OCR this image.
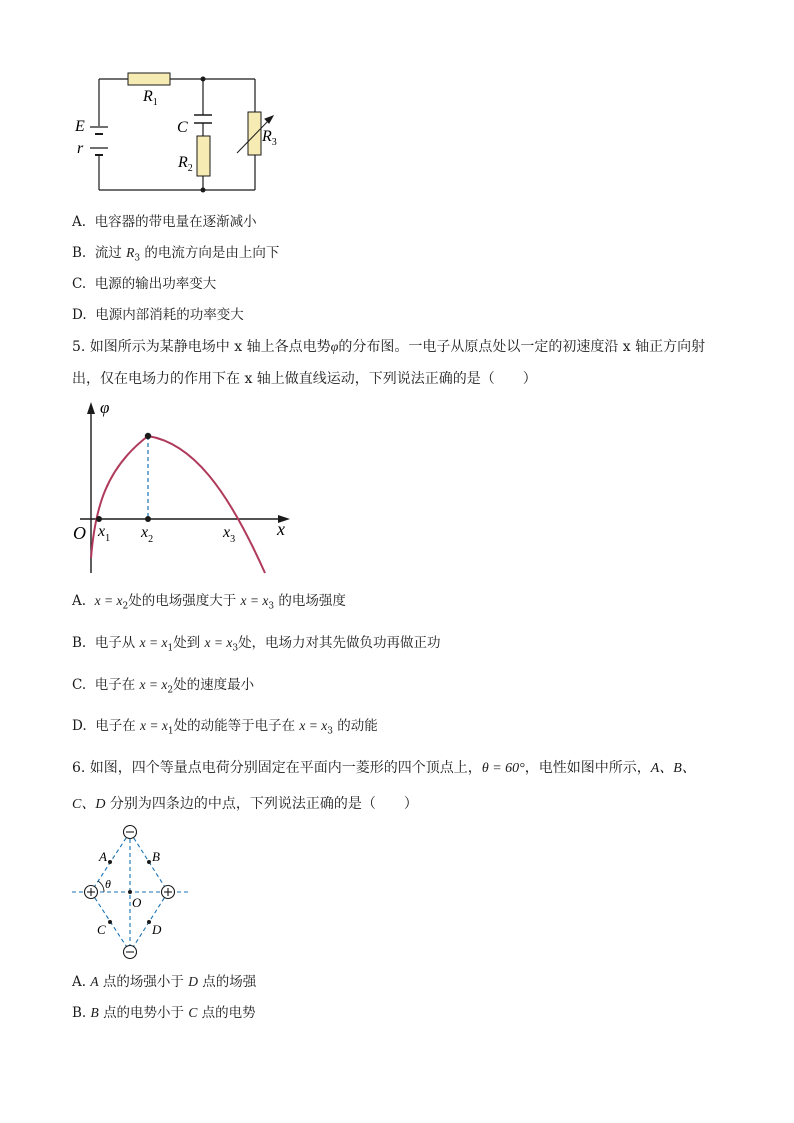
E
r
$R_1$
C
$R_2$
$R_3$
A. 电容器的带电量在逐渐减小
B. 流过 $R_3$ 的电流方向是由上向下
C. 电源的输出功率变大
D. 电源内部消耗的功率变大
5. 如图所示为某静电场中 x 轴上各点电势φ的分布图。一电子从原点处以一定的初速度沿 x 轴正方向射
出，仅在电场力的作用下在 x 轴上做直线运动，下列说法正确的是（　　）
φ
x
O $x_1$ $x_2$	$x_3$
A. $x = x_2$处的电场强度大于 $x = x_3$ 的电场强度
B. 电子从 $x = x_1$处到 $x = x_3$处，电场力对其先做负功再做正功
C. 电子在 $x = x_2$处的速度最小
D. 电子在 $x = x_1$处的动能等于电子在 $x = x_3$ 的动能
6. 如图，四个等量点电荷分别固定在平面内一菱形的四个顶点上，θ = 60°，电性如图中所示，A、B、
C、D 分别为四条边的中点，下列说法正确的是（　　）
A	B
C	D
O
θ
A. A 点的场强小于 D 点的场强
B. B 点的电势小于 C 点的电势
